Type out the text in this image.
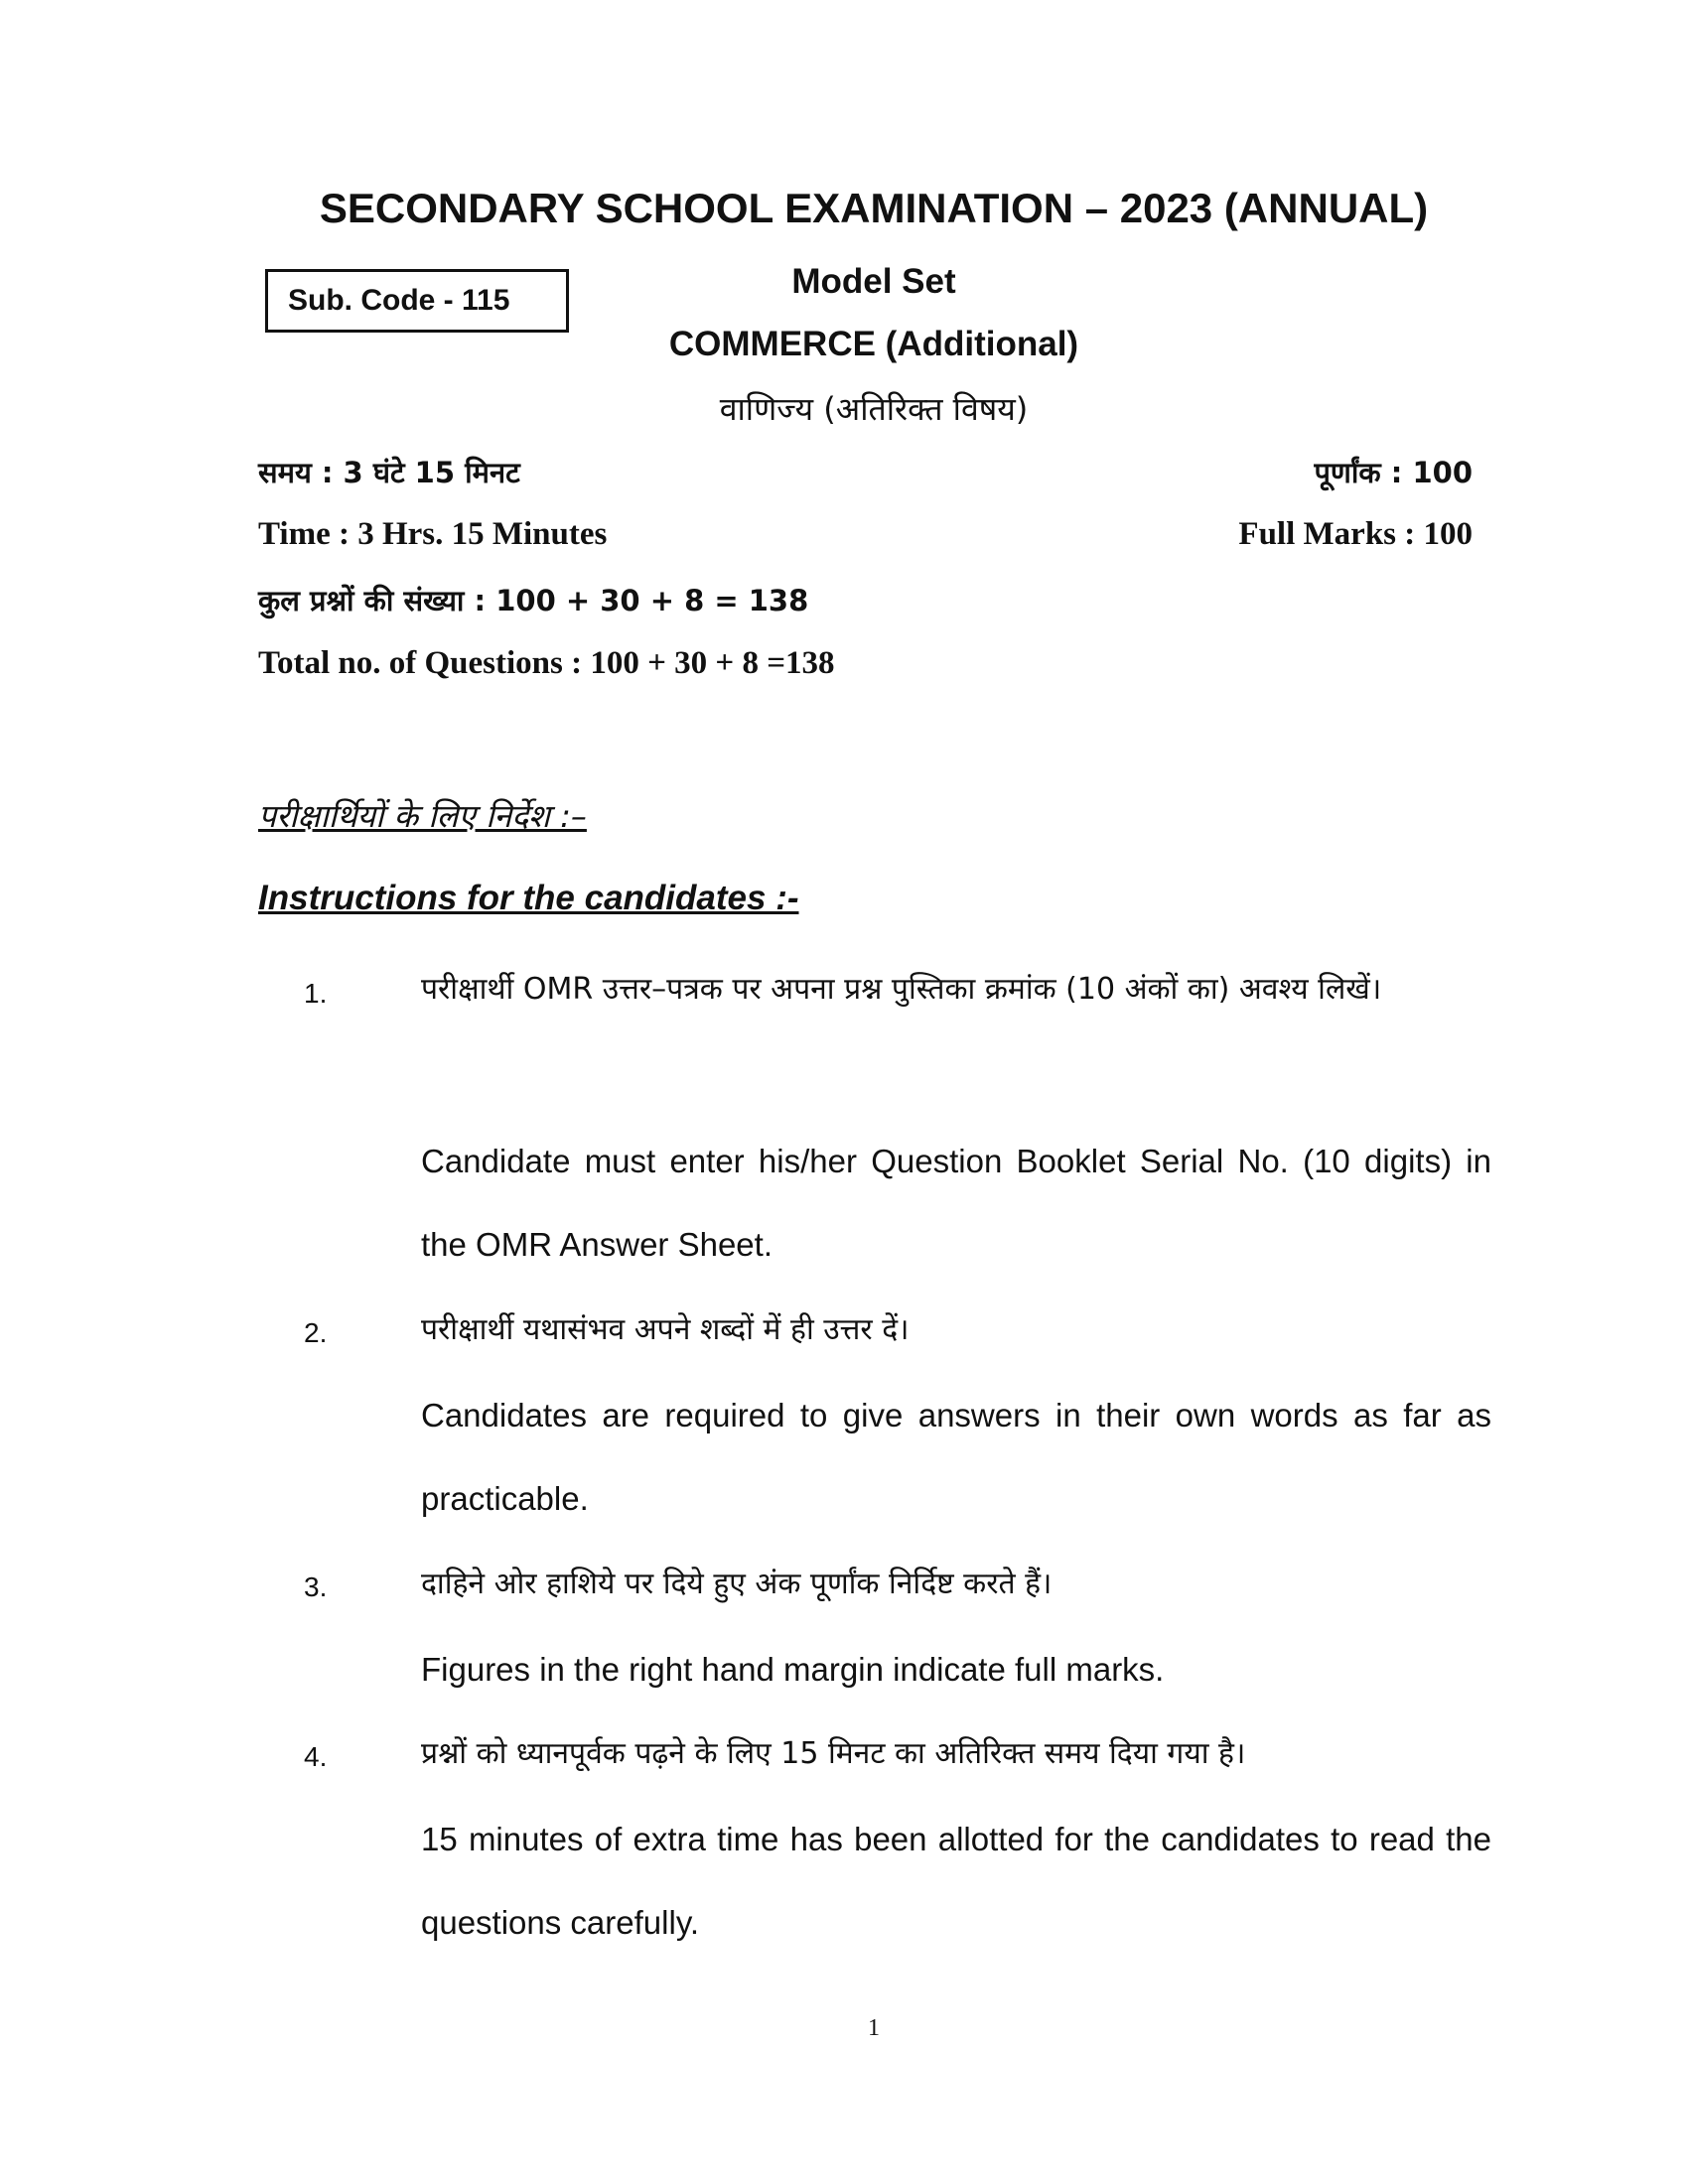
SECONDARY SCHOOL EXAMINATION – 2023 (ANNUAL)
Sub. Code - 115	Model Set
COMMERCE (Additional)
वाणिज्य (अतिरिक्त विषय)
समय : 3 घंटे 15 मिनट	पूर्णांक : 100
Time : 3 Hrs. 15 Minutes	Full Marks : 100
कुल प्रश्नों की संख्या : 100 + 30 + 8 = 138
Total no. of Questions : 100 + 30 + 8 =138
परीक्षार्थियों के लिए निर्देश :–
Instructions for the candidates :-
1.	परीक्षार्थी OMR उत्तर–पत्रक पर अपना प्रश्न पुस्तिका क्रमांक (10 अंकों का) अवश्य लिखें।
Candidate must enter his/her Question Booklet Serial No. (10 digits) in the OMR Answer Sheet.
2.	परीक्षार्थी यथासंभव अपने शब्दों में ही उत्तर दें।
Candidates are required to give answers in their own words as far as practicable.
3.	दाहिने ओर हाशिये पर दिये हुए अंक पूर्णांक निर्दिष्ट करते हैं।
Figures in the right hand margin indicate full marks.
4.	प्रश्नों को ध्यानपूर्वक पढ़ने के लिए 15 मिनट का अतिरिक्त समय दिया गया है।
15 minutes of extra time has been allotted for the candidates to read the questions carefully.
1
